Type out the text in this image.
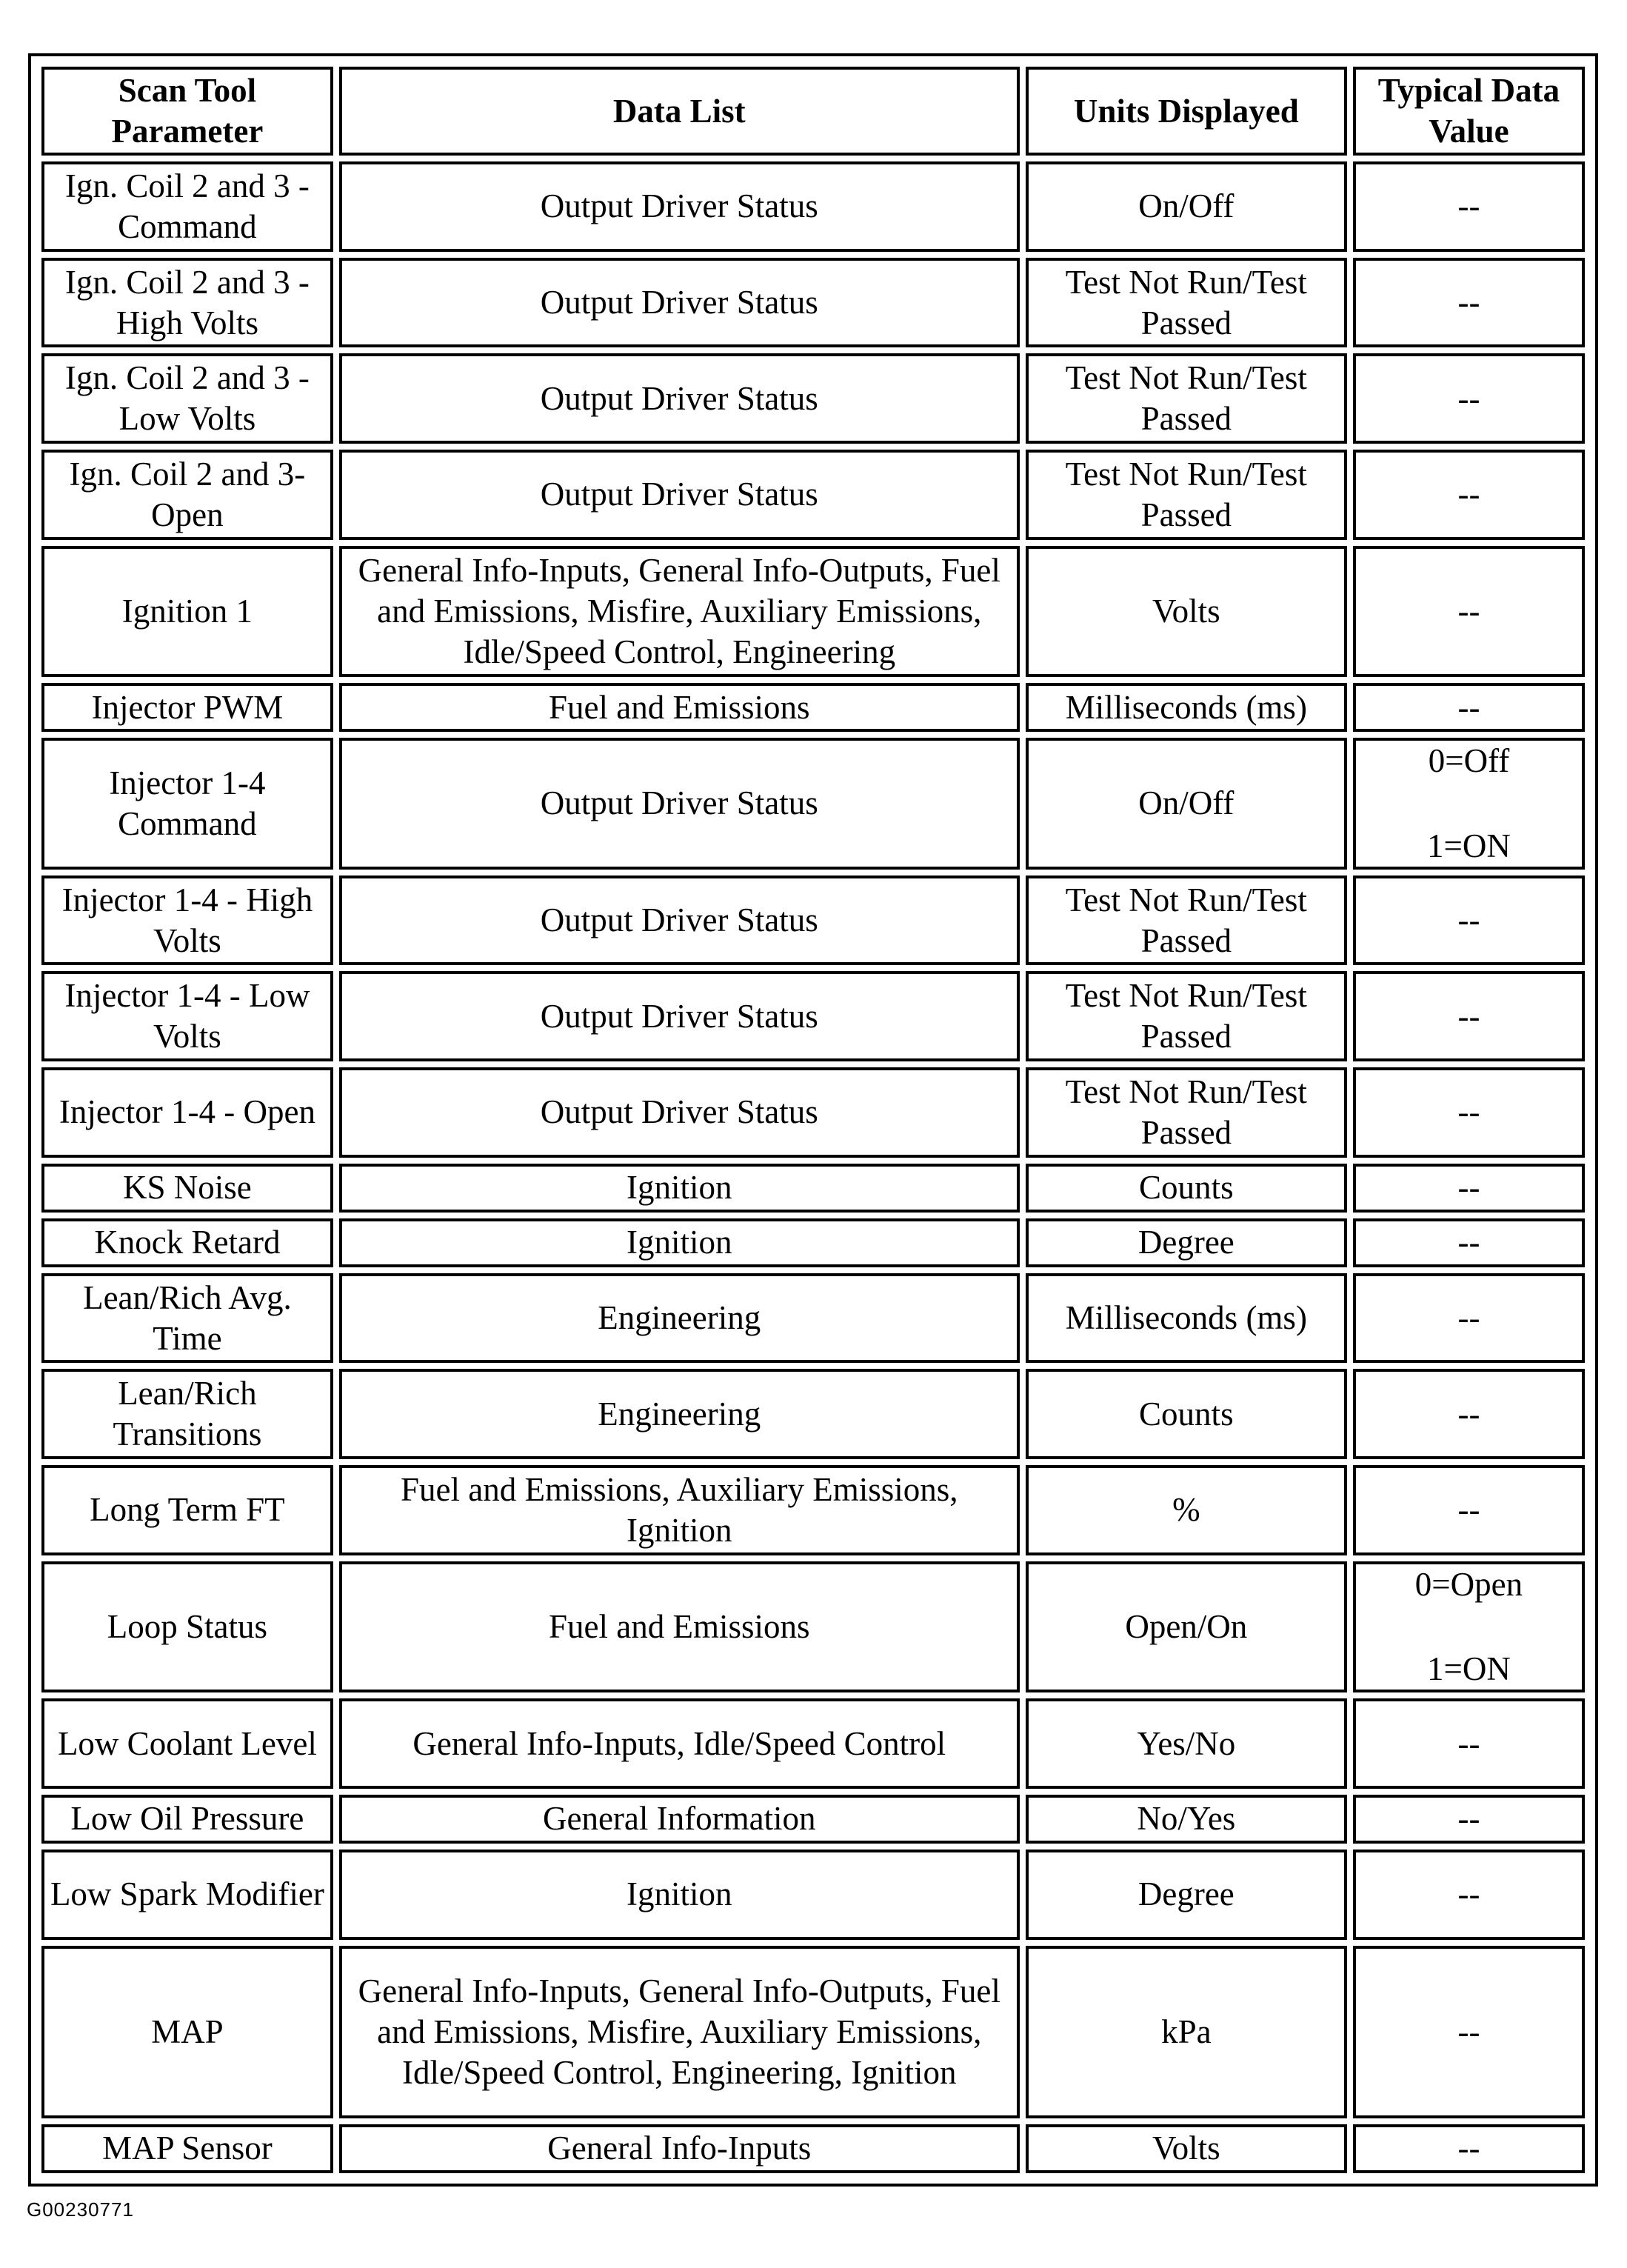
Scan Tool Parameter	Data List	Units Displayed	Typical Data Value
Ign. Coil 2 and 3 - Command	Output Driver Status	On/Off	--
Ign. Coil 2 and 3 - High Volts	Output Driver Status	Test Not Run/Test Passed	--
Ign. Coil 2 and 3 - Low Volts	Output Driver Status	Test Not Run/Test Passed	--
Ign. Coil 2 and 3- Open	Output Driver Status	Test Not Run/Test Passed	--
Ignition 1	General Info-Inputs, General Info-Outputs, Fuel and Emissions, Misfire, Auxiliary Emissions, Idle/Speed Control, Engineering	Volts	--
Injector PWM	Fuel and Emissions	Milliseconds (ms)	--
Injector 1-4 Command	Output Driver Status	On/Off	0=Off
1=ON

Injector 1-4 - High Volts	Output Driver Status	Test Not Run/Test Passed	--
Injector 1-4 - Low Volts	Output Driver Status	Test Not Run/Test Passed	--
Injector 1-4 - Open	Output Driver Status	Test Not Run/Test Passed	--
KS Noise	Ignition	Counts	--
Knock Retard	Ignition	Degree	--
Lean/Rich Avg. Time	Engineering	Milliseconds (ms)	--
Lean/Rich Transitions	Engineering	Counts	--
Long Term FT	Fuel and Emissions, Auxiliary Emissions, Ignition	%	--
Loop Status	Fuel and Emissions	Open/On	0=Open
1=ON

Low Coolant Level	General Info-Inputs, Idle/Speed Control	Yes/No	--
Low Oil Pressure	General Information	No/Yes	--
Low Spark Modifier	Ignition	Degree	--
MAP	General Info-Inputs, General Info-Outputs, Fuel and Emissions, Misfire, Auxiliary Emissions, Idle/Speed Control, Engineering, Ignition	kPa	--
MAP Sensor	General Info-Inputs	Volts	--
G00230771
